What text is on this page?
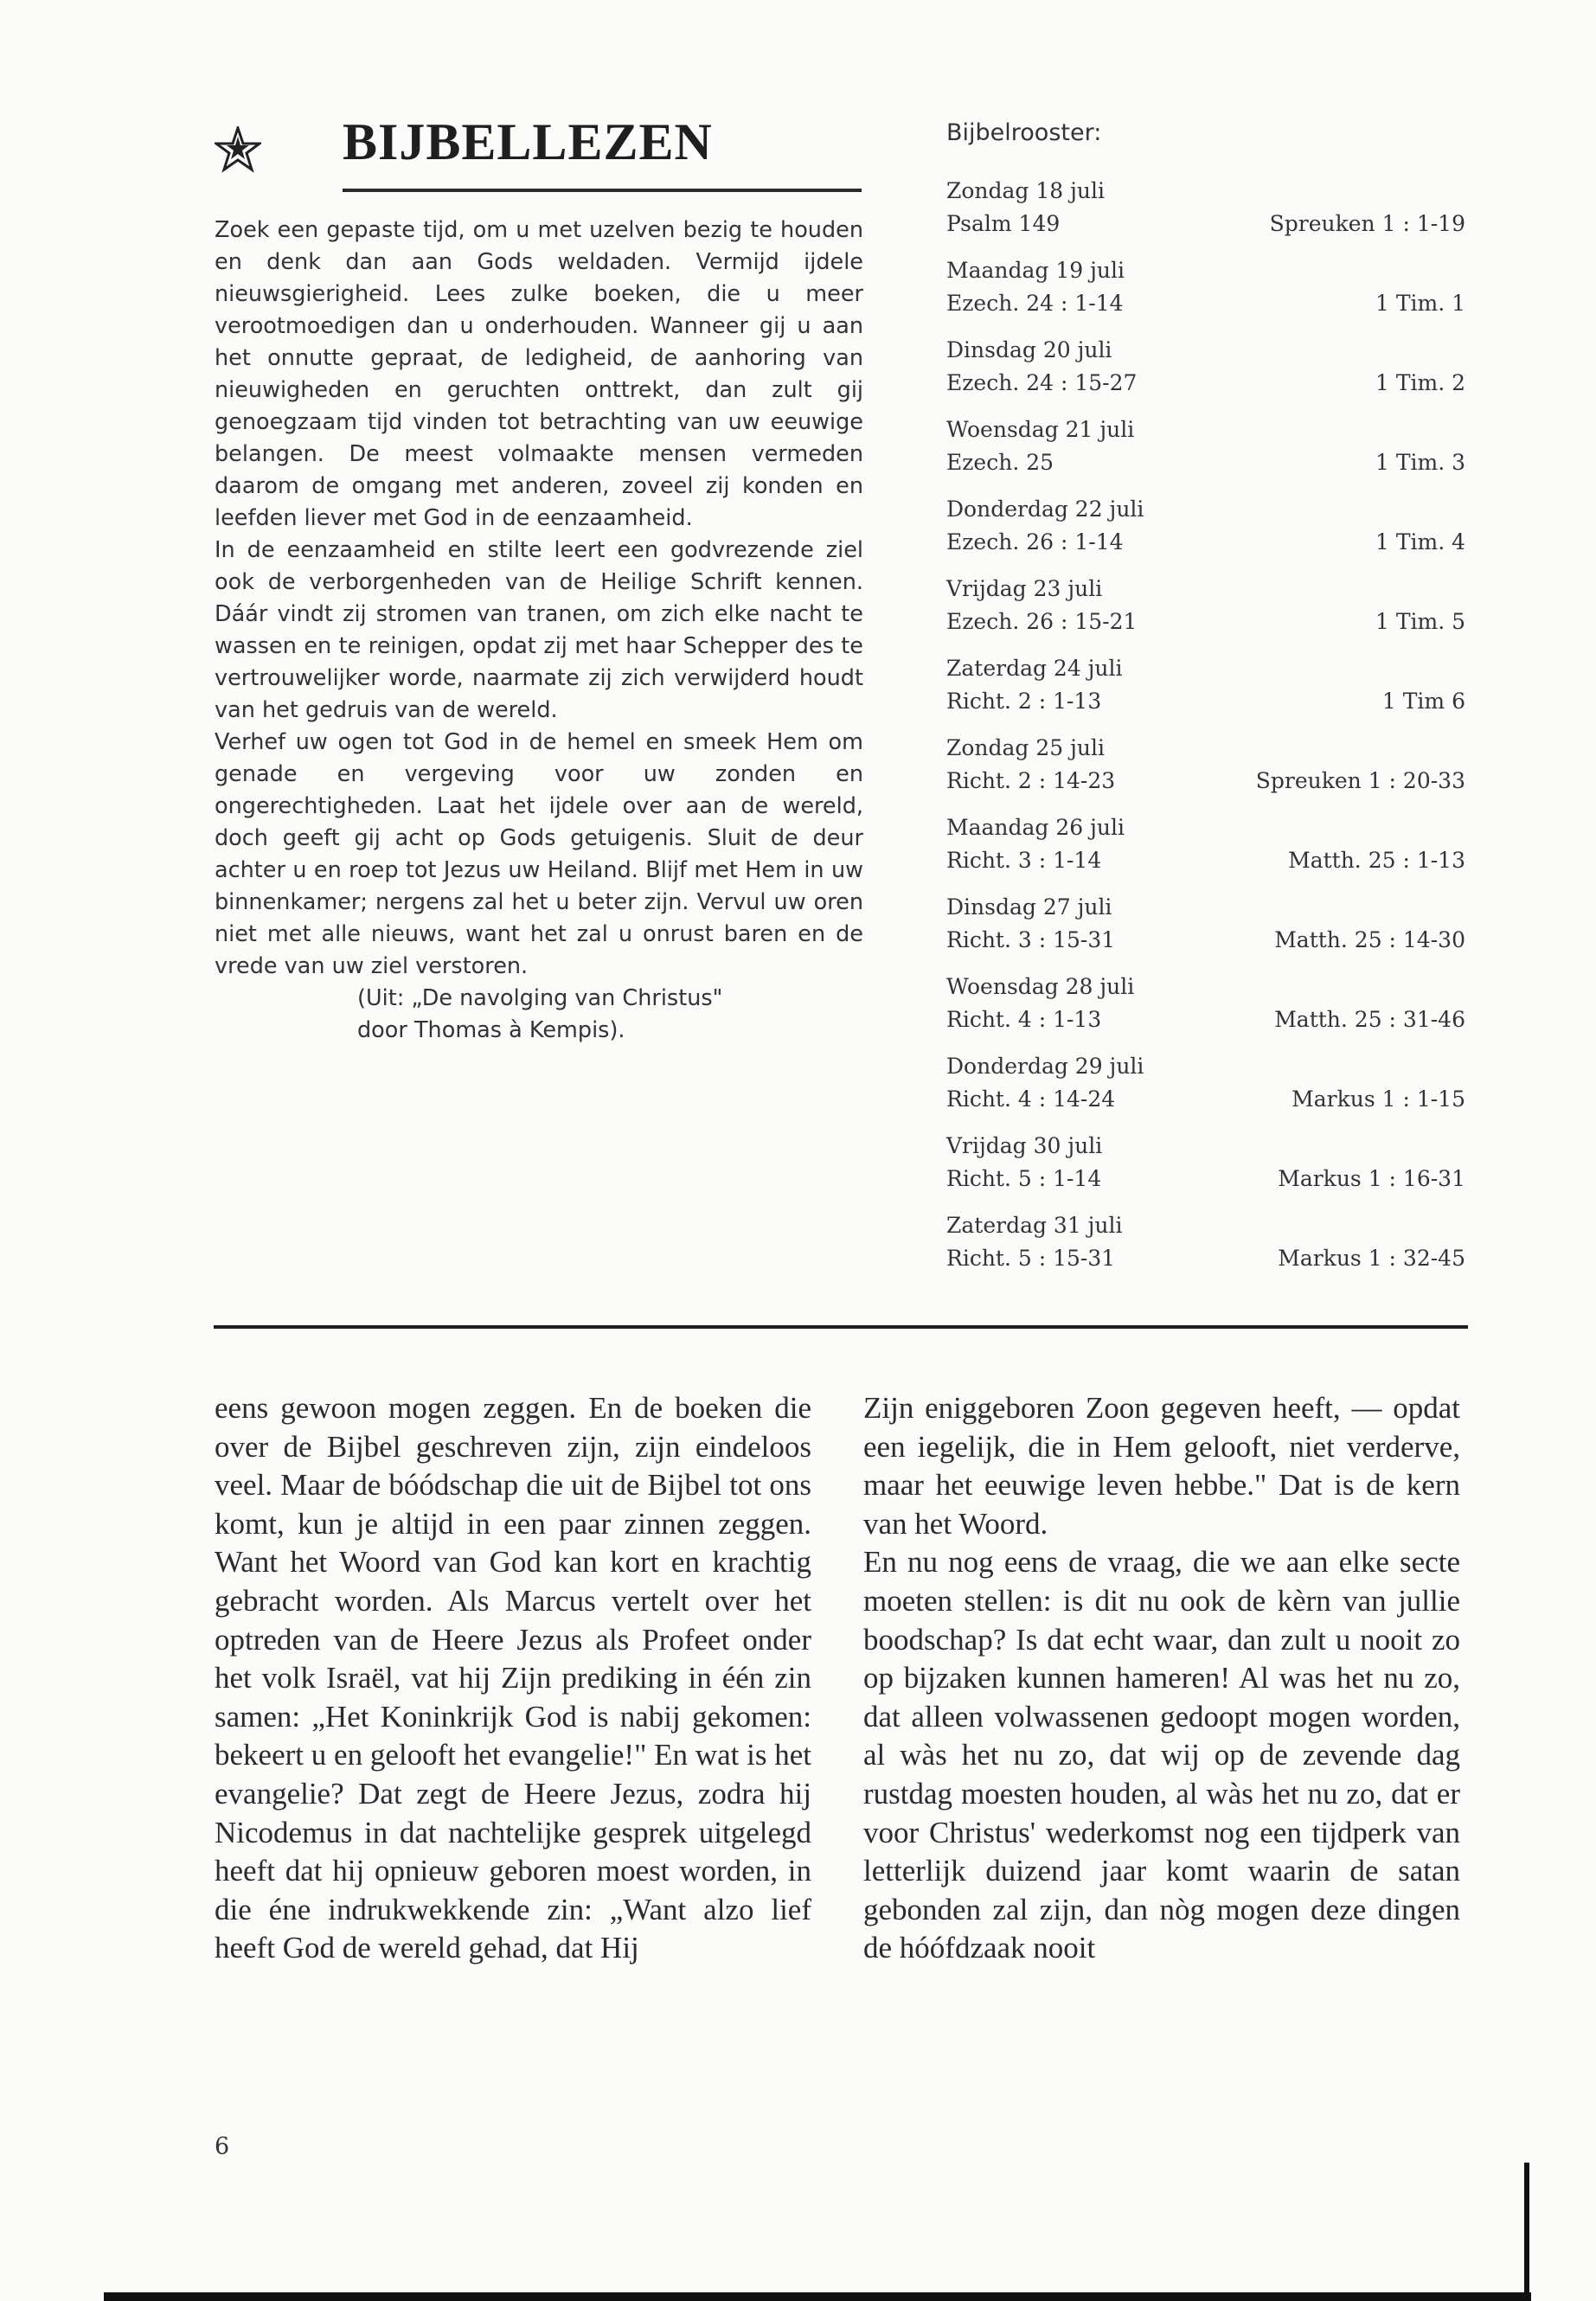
BIJBELLEZEN

Zoek een gepaste tijd, om u met uzelven bezig te houden en denk dan aan Gods weldaden. Vermijd ijdele nieuwsgierigheid. Lees zulke boeken, die u meer verootmoedigen dan u onderhouden. Wanneer gij u aan het onnutte gepraat, de ledigheid, de aanhoring van nieuwigheden en geruchten onttrekt, dan zult gij genoegzaam tijd vinden tot betrachting van uw eeuwige belangen. De meest volmaakte mensen vermeden daarom de omgang met anderen, zoveel zij konden en leefden liever met God in de eenzaamheid.

In de eenzaamheid en stilte leert een godvrezende ziel ook de verborgenheden van de Heilige Schrift kennen. Dáár vindt zij stromen van tranen, om zich elke nacht te wassen en te reinigen, opdat zij met haar Schepper des te vertrouwelijker worde, naarmate zij zich verwijderd houdt van het gedruis van de wereld.

Verhef uw ogen tot God in de hemel en smeek Hem om genade en vergeving voor uw zonden en ongerechtigheden. Laat het ijdele over aan de wereld, doch geeft gij acht op Gods getuigenis. Sluit de deur achter u en roep tot Jezus uw Heiland. Blijf met Hem in uw binnenkamer; nergens zal het u beter zijn. Vervul uw oren niet met alle nieuws, want het zal u onrust baren en de vrede van uw ziel verstoren.

(Uit: „De navolging van Christus"
door Thomas à Kempis).
Bijbelrooster:
Zondag 18 juli
Psalm 149	Spreuken 1 : 1-19
Maandag 19 juli
Ezech. 24 : 1-14	1 Tim. 1
Dinsdag 20 juli
Ezech. 24 : 15-27	1 Tim. 2
Woensdag 21 juli
Ezech. 25	1 Tim. 3
Donderdag 22 juli
Ezech. 26 : 1-14	1 Tim. 4
Vrijdag 23 juli
Ezech. 26 : 15-21	1 Tim. 5
Zaterdag 24 juli
Richt. 2 : 1-13	1 Tim 6
Zondag 25 juli
Richt. 2 : 14-23	Spreuken 1 : 20-33
Maandag 26 juli
Richt. 3 : 1-14	Matth. 25 : 1-13
Dinsdag 27 juli
Richt. 3 : 15-31	Matth. 25 : 14-30
Woensdag 28 juli
Richt. 4 : 1-13	Matth. 25 : 31-46
Donderdag 29 juli
Richt. 4 : 14-24	Markus 1 : 1-15
Vrijdag 30 juli
Richt. 5 : 1-14	Markus 1 : 16-31
Zaterdag 31 juli
Richt. 5 : 15-31	Markus 1 : 32-45

eens gewoon mogen zeggen. En de boeken die over de Bijbel geschreven zijn, zijn eindeloos veel. Maar de bóódschap die uit de Bijbel tot ons komt, kun je altijd in een paar zinnen zeggen. Want het Woord van God kan kort en krachtig gebracht worden. Als Marcus vertelt over het optreden van de Heere Jezus als Profeet onder het volk Israël, vat hij Zijn prediking in één zin samen: „Het Koninkrijk God is nabij gekomen: bekeert u en gelooft het evangelie!" En wat is het evangelie? Dat zegt de Heere Jezus, zodra hij Nicodemus in dat nachtelijke gesprek uitgelegd heeft dat hij opnieuw geboren moest worden, in die éne indrukwekkende zin: „Want alzo lief heeft God de wereld gehad, dat Hij

Zijn eniggeboren Zoon gegeven heeft, — opdat een iegelijk, die in Hem gelooft, niet verderve, maar het eeuwige leven hebbe." Dat is de kern van het Woord.

En nu nog eens de vraag, die we aan elke secte moeten stellen: is dit nu ook de kèrn van jullie boodschap? Is dat echt waar, dan zult u nooit zo op bijzaken kunnen hameren! Al was het nu zo, dat alleen volwassenen gedoopt mogen worden, al wàs het nu zo, dat wij op de zevende dag rustdag moesten houden, al wàs het nu zo, dat er voor Christus' wederkomst nog een tijdperk van letterlijk duizend jaar komt waarin de satan gebonden zal zijn, dan nòg mogen deze dingen de hóófdzaak nooit

6
